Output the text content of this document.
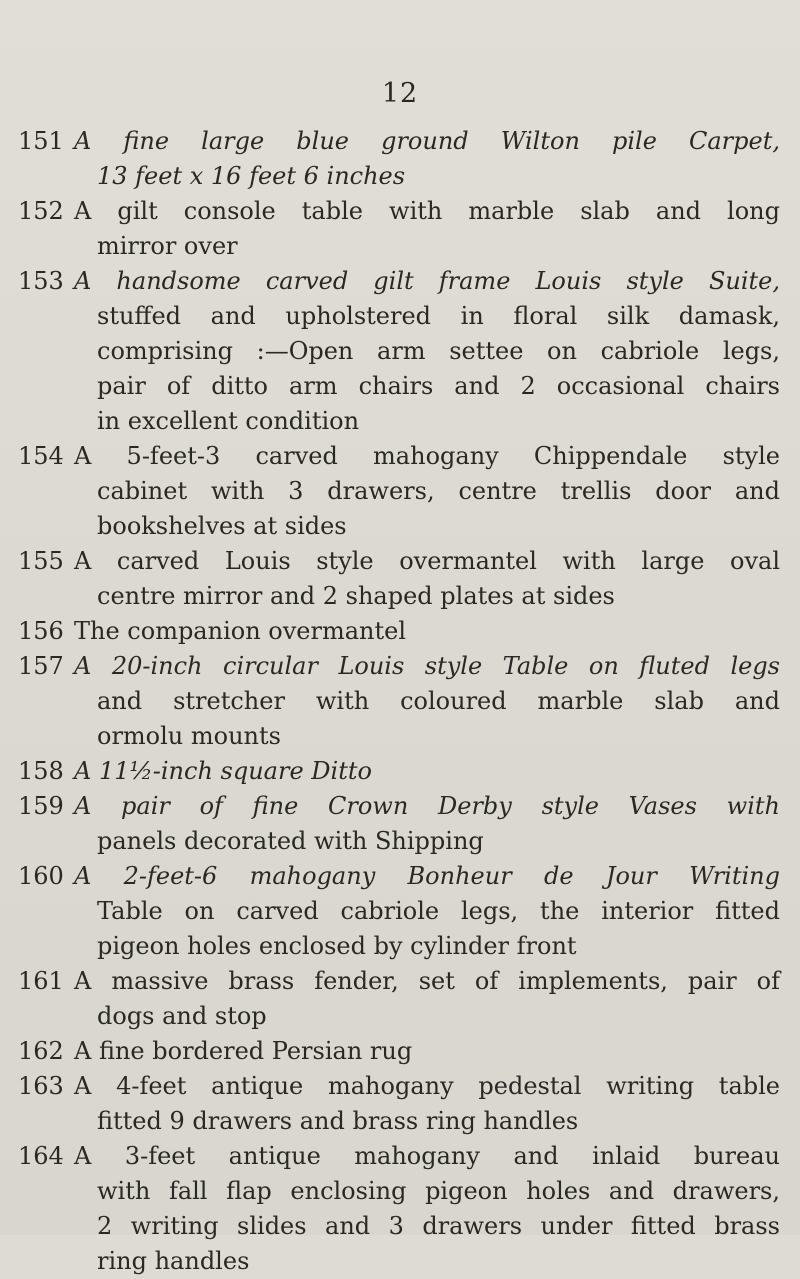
12
151 A fine large blue ground Wilton pile Carpet,
13 feet x 16 feet 6 inches
152 A gilt console table with marble slab and long
mirror over
153 A handsome carved gilt frame Louis style Suite,
stuffed and upholstered in floral silk damask,
comprising :—Open arm settee on cabriole legs,
pair of ditto arm chairs and 2 occasional chairs
in excellent condition
154 A 5-feet-3 carved mahogany Chippendale style
cabinet with 3 drawers, centre trellis door and
bookshelves at sides
155 A carved Louis style overmantel with large oval
centre mirror and 2 shaped plates at sides
156 The companion overmantel
157 A 20-inch circular Louis style Table on fluted legs
and stretcher with coloured marble slab and
ormolu mounts
158 A 11½-inch square Ditto
159 A pair of fine Crown Derby style Vases with
panels decorated with Shipping
160 A 2-feet-6 mahogany Bonheur de Jour Writing
Table on carved cabriole legs, the interior fitted
pigeon holes enclosed by cylinder front
161 A massive brass fender, set of implements, pair of
dogs and stop
162 A fine bordered Persian rug
163 A 4-feet antique mahogany pedestal writing table
fitted 9 drawers and brass ring handles
164 A 3-feet antique mahogany and inlaid bureau
with fall flap enclosing pigeon holes and drawers,
2 writing slides and 3 drawers under fitted brass
ring handles
